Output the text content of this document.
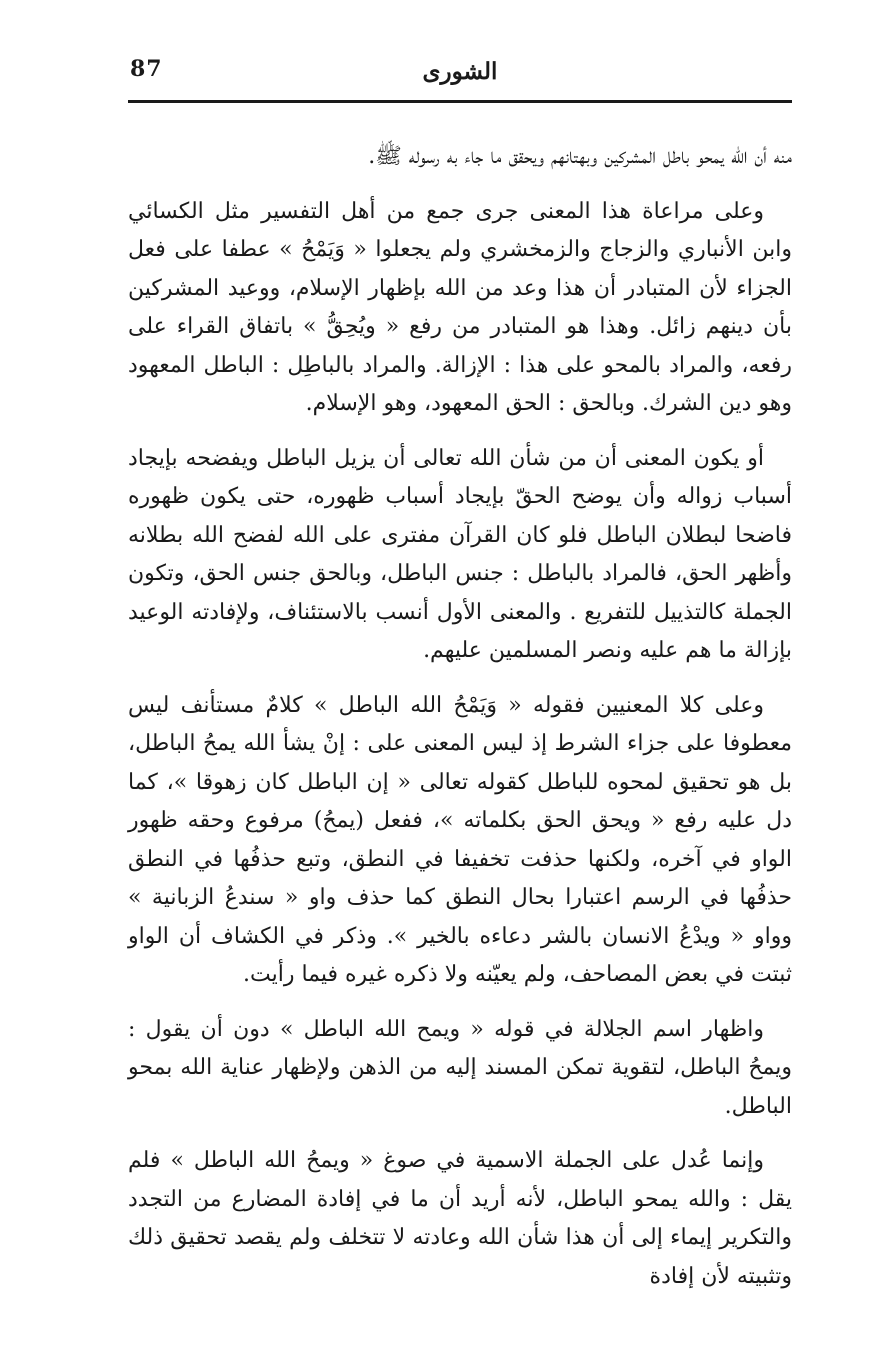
87	الشورى

منه أن الله يمحو باطل المشركين وبهتانهم ويحقق ما جاء به رسوله ﷺ.

وعلى مراعاة هذا المعنى جرى جمع من أهل التفسير مثل الكسائي وابن الأنباري والزجاج والزمخشري ولم يجعلوا « وَيَمْحُ » عطفا على فعل الجزاء لأن المتبادر أن هذا وعد من الله بإظهار الإسلام، ووعيد المشركين بأن دينهم زائل. وهذا هو المتبادر من رفع « ويُحِقُّ » باتفاق القراء على رفعه، والمراد بالمحو على هذا : الإزالة. والمراد بالباطِل : الباطل المعهود وهو دين الشرك. وبالحق : الحق المعهود، وهو الإسلام.

أو يكون المعنى أن من شأن الله تعالى أن يزيل الباطل ويفضحه بإيجاد أسباب زواله وأن يوضح الحقّ بإيجاد أسباب ظهوره، حتى يكون ظهوره فاضحا لبطلان الباطل فلو كان القرآن مفترى على الله لفضح الله بطلانه وأظهر الحق، فالمراد بالباطل : جنس الباطل، وبالحق جنس الحق، وتكون الجملة كالتذييل للتفريع . والمعنى الأول أنسب بالاستئناف، ولإفادته الوعيد بإزالة ما هم عليه ونصر المسلمين عليهم.

وعلى كلا المعنيين فقوله « وَيَمْحُ الله الباطل » كلامٌ مستأنف ليس معطوفا على جزاء الشرط إذ ليس المعنى على : إنْ يشأ الله يمحُ الباطل، بل هو تحقيق لمحوه للباطل كقوله تعالى « إن الباطل كان زهوقا »، كما دل عليه رفع « ويحق الحق بكلماته »، ففعل (يمحُ) مرفوع وحقه ظهور الواو في آخره، ولكنها حذفت تخفيفا في النطق، وتبع حذفُها في النطق حذفُها في الرسم اعتبارا بحال النطق كما حذف واو « سندعُ الزبانية » وواو « ويدْعُ الانسان بالشر دعاءه بالخير ». وذكر في الكشاف أن الواو ثبتت في بعض المصاحف، ولم يعيّنه ولا ذكره غيره فيما رأيت.

واظهار اسم الجلالة في قوله « ويمح الله الباطل » دون أن يقول : ويمحُ الباطل، لتقوية تمكن المسند إليه من الذهن ولإظهار عناية الله بمحو الباطل.

وإنما عُدل على الجملة الاسمية في صوغ « ويمحُ الله الباطل » فلم يقل : والله يمحو الباطل، لأنه أريد أن ما في إفادة المضارع من التجدد والتكرير إيماء إلى أن هذا شأن الله وعادته لا تتخلف ولم يقصد تحقيق ذلك وتثبيته لأن إفادة
